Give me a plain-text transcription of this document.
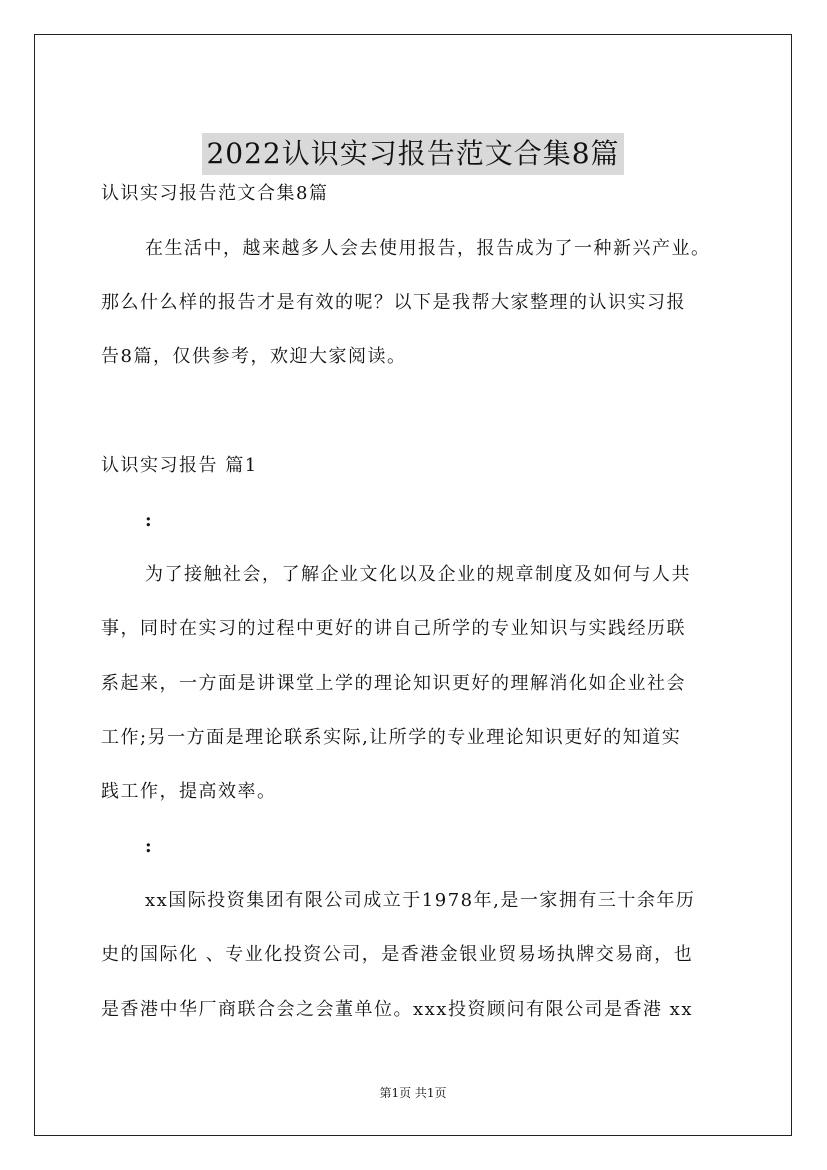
2022认识实习报告范文合集8篇
认识实习报告范文合集8篇
在生活中，越来越多人会去使用报告，报告成为了一种新兴产业。
那么什么样的报告才是有效的呢？以下是我帮大家整理的认识实习报
告8篇，仅供参考，欢迎大家阅读。
认识实习报告 篇1
:
为了接触社会，了解企业文化以及企业的规章制度及如何与人共
事，同时在实习的过程中更好的讲自己所学的专业知识与实践经历联
系起来，一方面是讲课堂上学的理论知识更好的理解消化如企业社会
工作;另一方面是理论联系实际,让所学的专业理论知识更好的知道实
践工作，提高效率。
:
xx国际投资集团有限公司成立于1978年,是一家拥有三十余年历
史的国际化 、专业化投资公司，是香港金银业贸易场执牌交易商，也
是香港中华厂商联合会之会董单位。xxx投资顾问有限公司是香港 xx
第1页 共1页
